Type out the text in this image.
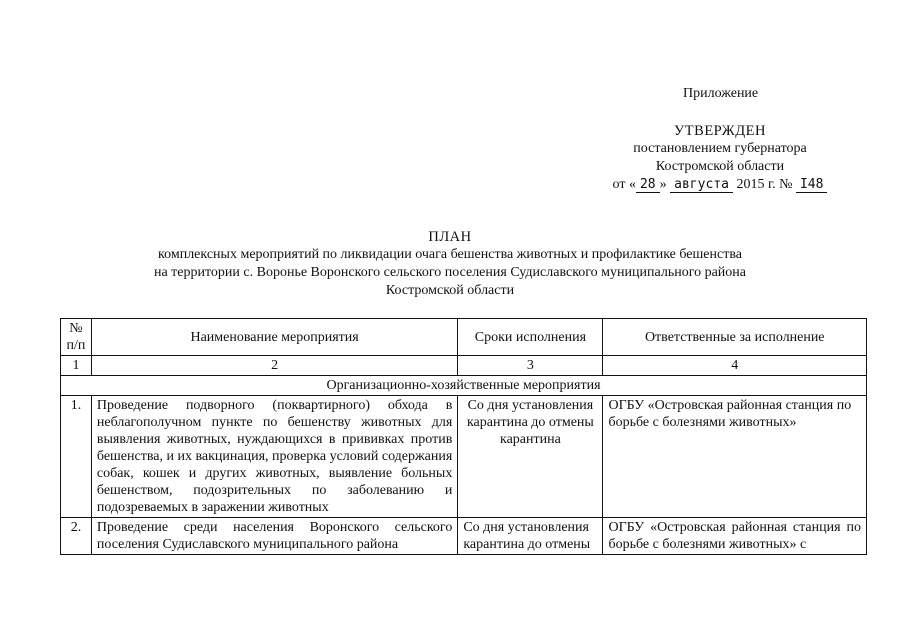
Приложение
УТВЕРЖДЕН
постановлением губернатора
Костромской области
от « 28 » августа 2015 г. № I48
ПЛАН
комплексных мероприятий по ликвидации очага бешенства животных и профилактике бешенства
на территории с. Воронье Воронского сельского поселения Судиславского муниципального района
Костромской области
№ п/п	Наименование мероприятия	Сроки исполнения	Ответственные за исполнение
1	2	3	4
Организационно-хозяйственные мероприятия			
1.	Проведение подворного (поквартирного) обхода в неблагополучном пункте по бешенству животных для выявления животных, нуждающихся в прививках против бешенства, и их вакцинация, проверка условий содержания собак, кошек и других животных, выявление больных бешенством, подозрительных по заболеванию и подозреваемых в заражении животных	Со дня установления карантина до отмены карантина	ОГБУ «Островская районная станция по борьбе с болезнями животных»
2.	Проведение среди населения Воронского сельского поселения Судиславского муниципального района	Со дня установления карантина до отмены	ОГБУ «Островская районная станция по борьбе с болезнями животных» с
